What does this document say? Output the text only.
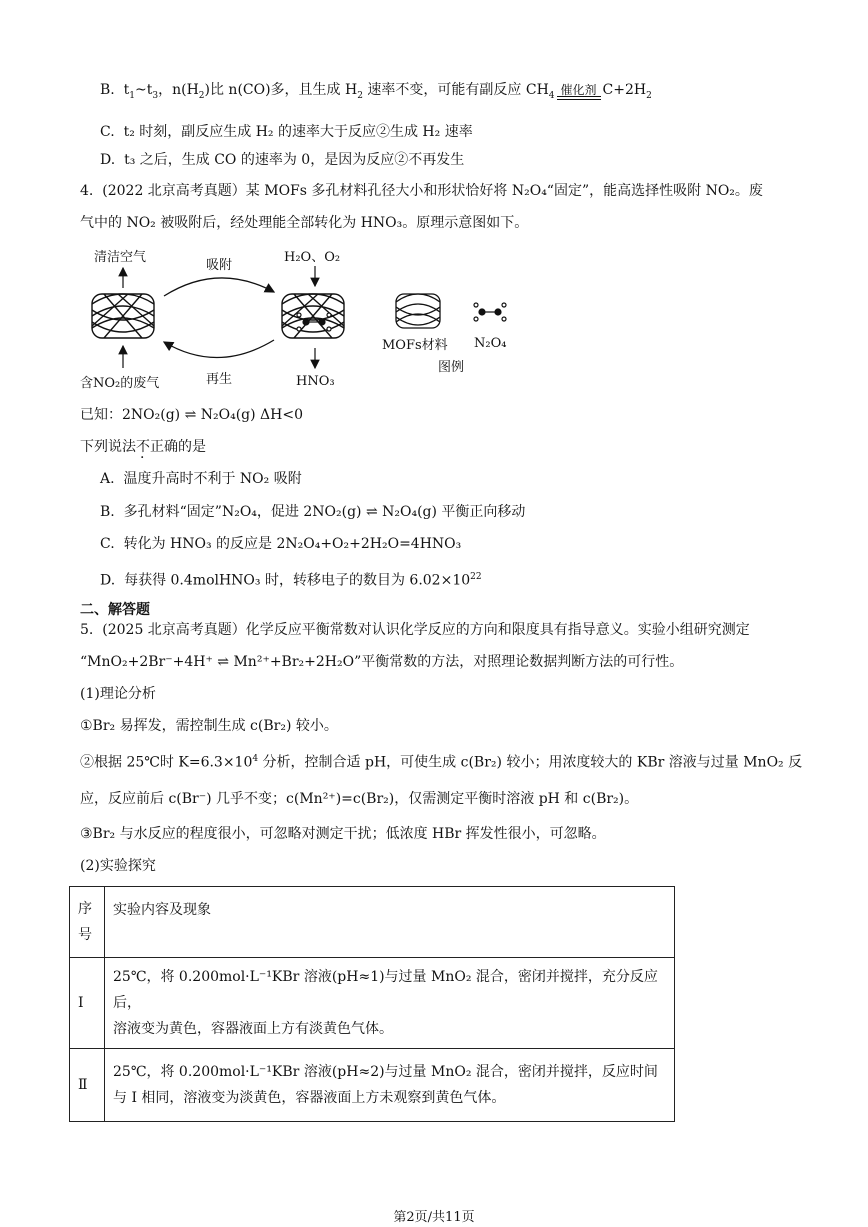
B.  $t_1\sim t_3$，$n(H_2)$比 n(CO)多，且生成 $H_2$ 速率不变，可能有副反应 $CH_4$ 催化剂 $C+2H_2$
C.  t₂ 时刻，副反应生成 H₂ 的速率大于反应②生成 H₂ 速率
D.  t₃ 之后，生成 CO 的速率为 0，是因为反应②不再发生
4.  (2022 北京高考真题）某 MOFs 多孔材料孔径大小和形状恰好将 N₂O₄“固定”，能高选择性吸附 NO₂。废
气中的 NO₂ 被吸附后，经处理能全部转化为 HNO₃。原理示意图如下。
清洁空气
吸附
H₂O、O₂
含NO₂的废气	再生	HNO₃
MOFs材料 N₂O₄
图例
已知：2NO₂(g) ⇌ N₂O₄(g) ΔH<0
下列说法不正确的是
A.  温度升高时不利于 NO₂ 吸附
B.  多孔材料“固定”N₂O₄，促进 2NO₂(g) ⇌ N₂O₄(g) 平衡正向移动
C.  转化为 HNO₃ 的反应是 2N₂O₄+O₂+2H₂O=4HNO₃
D.  每获得 0.4molHNO₃ 时，转移电子的数目为 $6.02\times 10^{22}$
二、解答题
5.  (2025 北京高考真题）化学反应平衡常数对认识化学反应的方向和限度具有指导意义。实验小组研究测定
“MnO₂+2Br⁻+4H⁺ ⇌ Mn²⁺+Br₂+2H₂O”平衡常数的方法，对照理论数据判断方法的可行性。
(1)理论分析
①Br₂ 易挥发，需控制生成 c(Br₂) 较小。
②根据 25℃时 $K=6.3\times 10^4$ 分析，控制合适 pH，可使生成 c(Br₂) 较小；用浓度较大的 KBr 溶液与过量 MnO₂ 反
应，反应前后 c(Br⁻) 几乎不变；c(Mn²⁺)=c(Br₂)，仅需测定平衡时溶液 pH 和 c(Br₂)。
③Br₂ 与水反应的程度很小，可忽略对测定干扰；低浓度 HBr 挥发性很小，可忽略。
(2)实验探究
序
号	实验内容及现象
I	25℃，将 0.200mol·L⁻¹KBr 溶液(pH≈1)与过量 MnO₂ 混合，密闭并搅拌，充分反应后，
溶液变为黄色，容器液面上方有淡黄色气体。

Ⅱ	25℃，将 0.200mol·L⁻¹KBr 溶液(pH≈2)与过量 MnO₂ 混合，密闭并搅拌，反应时间
与 I 相同，溶液变为淡黄色，容器液面上方未观察到黄色气体。
第2页/共11页
